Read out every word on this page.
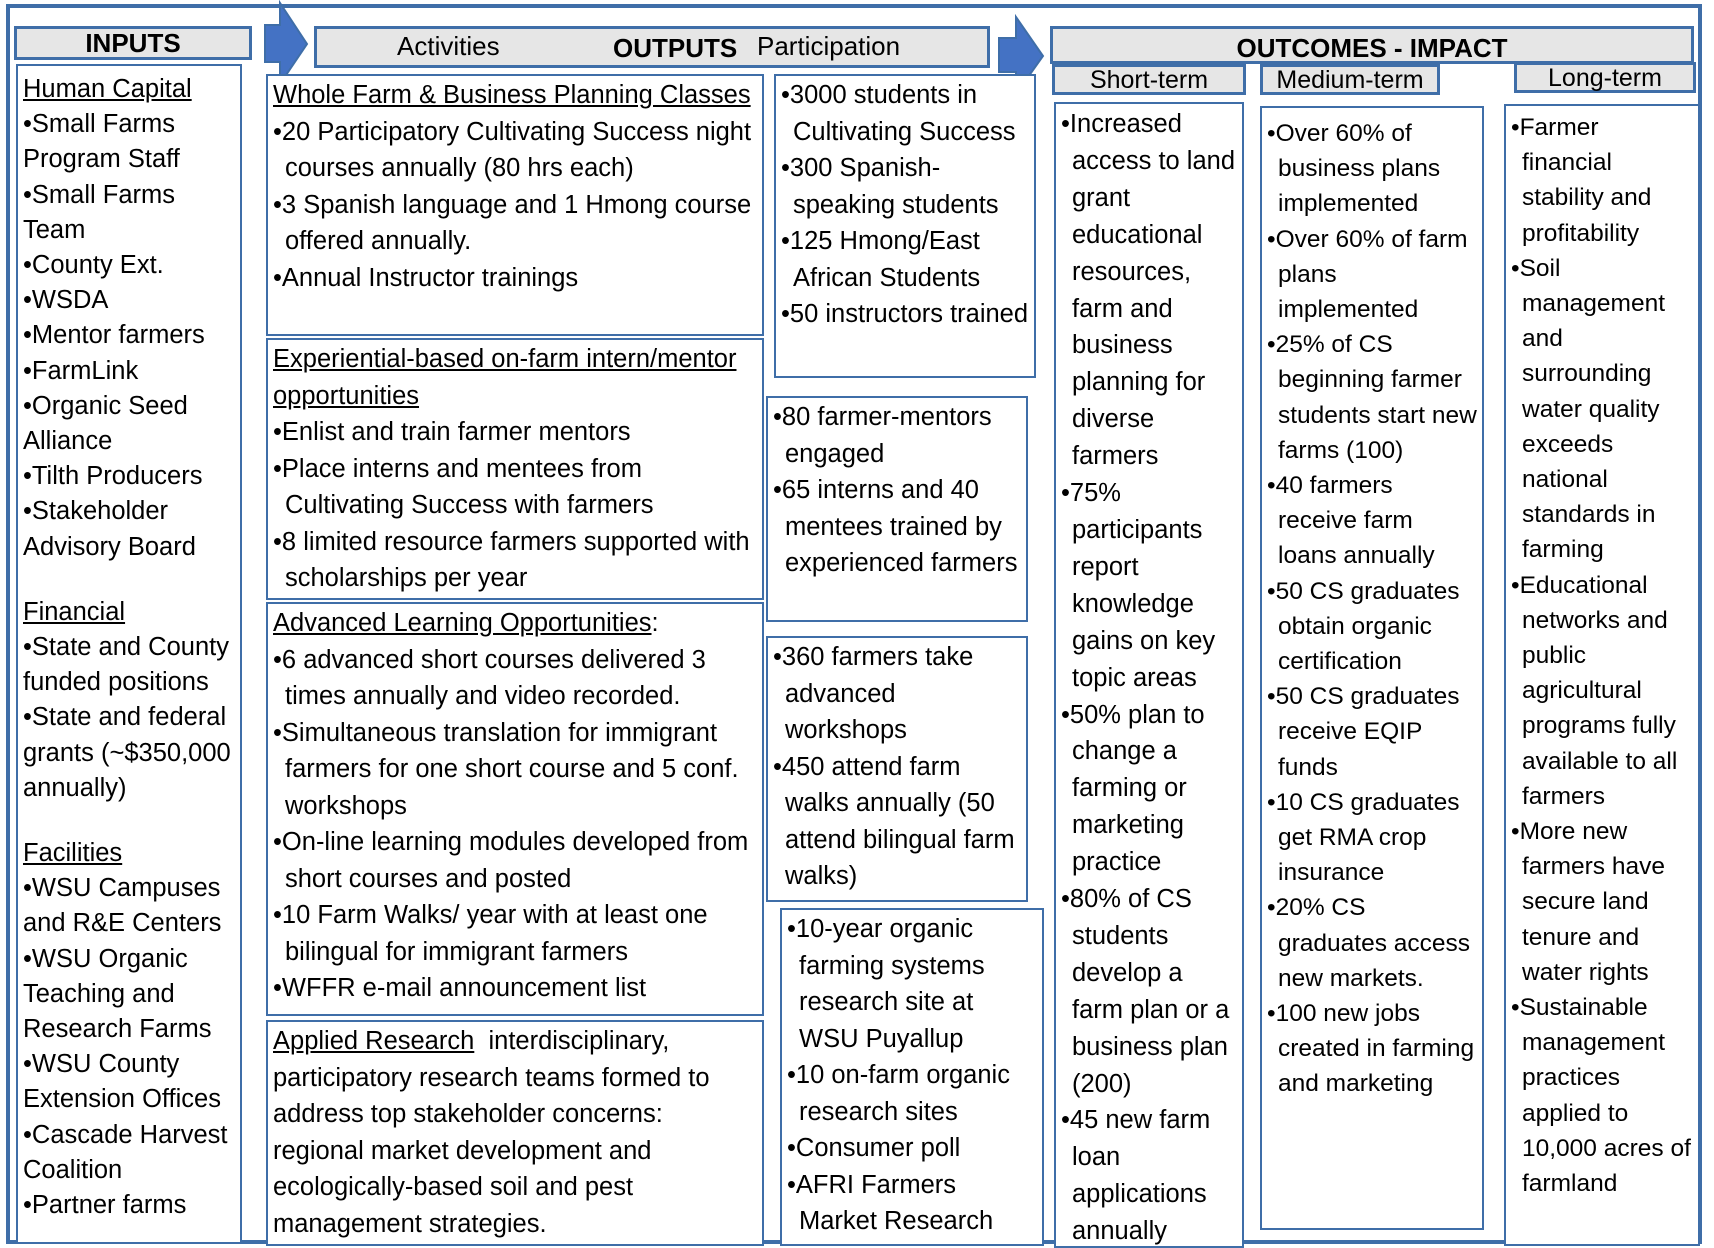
INPUTS	Activities	OUTPUTS Participation	OUTCOMES - IMPACT
Short-term	Medium-term	Long-term
Human Capital
•Small Farms Program Staff
•Small Farms Team
•County Ext.
•WSDA
•Mentor farmers
•FarmLink
•Organic Seed Alliance
•Tilth Producers
•Stakeholder Advisory Board
Financial
•State and County funded positions
•State and federal grants (~$350,000 annually)
Facilities
•WSU Campuses and R&E Centers
•WSU Organic Teaching and Research Farms
•WSU County Extension Offices
•Cascade Harvest Coalition
•Partner farms
Whole Farm & Business Planning Classes
•20 Participatory Cultivating Success night courses annually (80 hrs each)
•3 Spanish language and 1 Hmong course offered annually.
•Annual Instructor trainings
Experiential-based on-farm intern/mentor opportunities
•Enlist and train farmer mentors
•Place interns and mentees from Cultivating Success with farmers
•8 limited resource farmers supported with scholarships per year
Advanced Learning Opportunities:
•6 advanced short courses delivered 3 times annually and video recorded.
•Simultaneous translation for immigrant farmers for one short course and 5 conf. workshops
•On-line learning modules developed from short courses and posted
•10 Farm Walks/ year with at least one bilingual for immigrant farmers
•WFFR e-mail announcement list
Applied Research  interdisciplinary, participatory research teams formed to address top stakeholder concerns: regional market development and ecologically-based soil and pest management strategies.
•3000 students in Cultivating Success
•300 Spanish-speaking students
•125 Hmong/East African Students
•50 instructors trained
•80 farmer-mentors engaged
•65 interns and 40 mentees trained by experienced farmers
•360 farmers take advanced workshops
•450 attend farm walks annually (50 attend bilingual farm walks)
•10-year organic farming systems research site at WSU Puyallup
•10 on-farm organic research sites
•Consumer poll
•AFRI Farmers Market Research
•Increased access to land grant educational resources, farm and business planning for diverse farmers
•75% participants report knowledge gains on key topic areas
•50% plan to change a farming or marketing practice
•80% of CS students develop a farm plan or a business plan (200)
•45 new farm loan applications annually
•Over 60% of business plans implemented
•Over 60% of farm plans implemented
•25% of CS beginning farmer students start new farms (100)
•40 farmers receive farm loans annually
•50 CS graduates obtain organic certification
•50 CS graduates receive EQIP funds
•10 CS graduates get RMA crop insurance
•20% CS graduates access new markets.
•100 new jobs created in farming and marketing
•Farmer financial stability and profitability
•Soil management and surrounding water quality exceeds national standards in farming
•Educational networks and public agricultural programs fully available to all farmers
•More new farmers have secure land tenure and water rights
•Sustainable management practices applied to 10,000 acres of farmland
